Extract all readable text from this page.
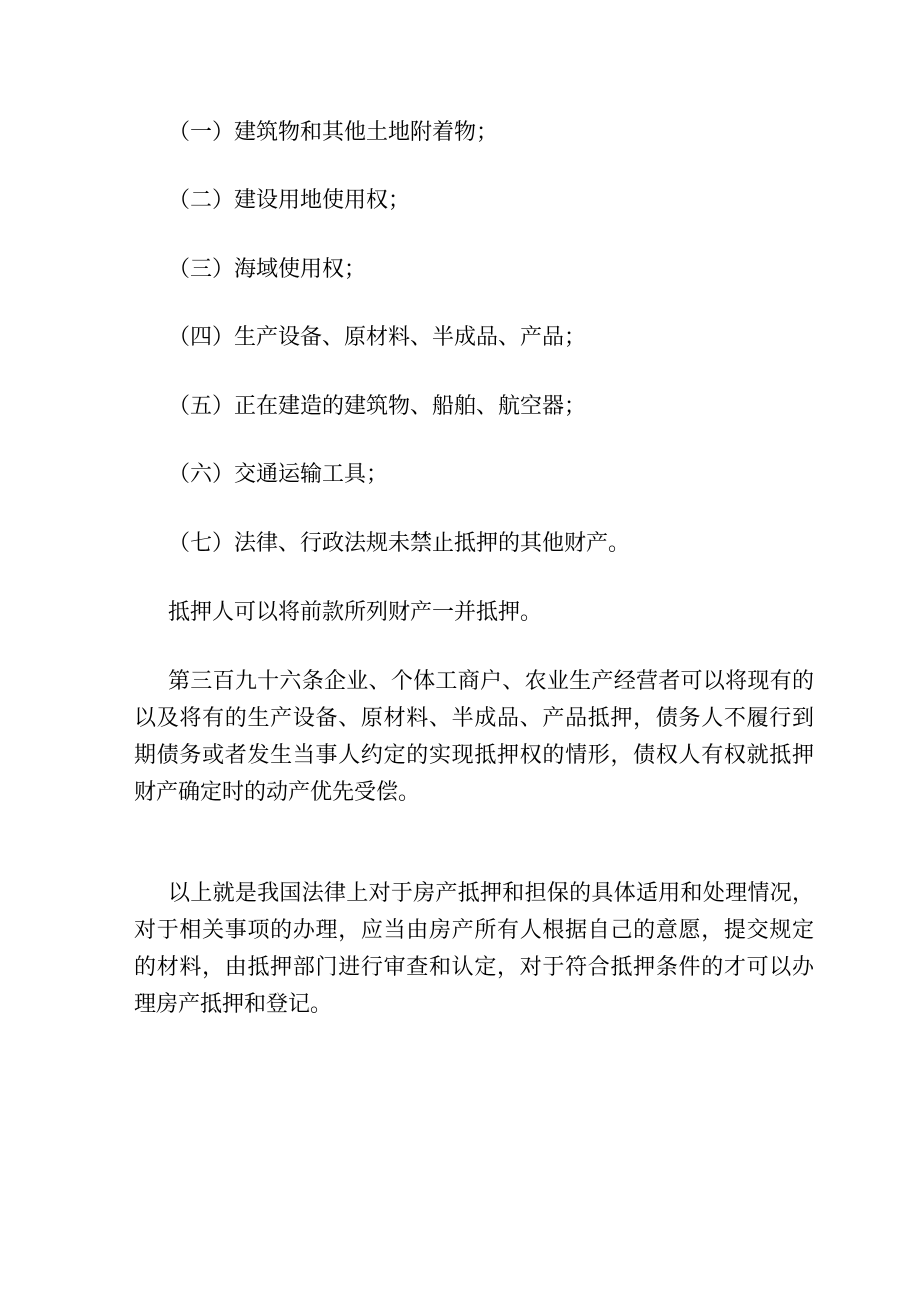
（一）建筑物和其他土地附着物；
（二）建设用地使用权；
（三）海域使用权；
（四）生产设备、原材料、半成品、产品；
（五）正在建造的建筑物、船舶、航空器；
（六）交通运输工具；
（七）法律、行政法规未禁止抵押的其他财产。
抵押人可以将前款所列财产一并抵押。
第三百九十六条企业、个体工商户、农业生产经营者可以将现有的以及将有的生产设备、原材料、半成品、产品抵押，债务人不履行到期债务或者发生当事人约定的实现抵押权的情形，债权人有权就抵押财产确定时的动产优先受偿。
以上就是我国法律上对于房产抵押和担保的具体适用和处理情况，对于相关事项的办理，应当由房产所有人根据自己的意愿，提交规定的材料，由抵押部门进行审查和认定，对于符合抵押条件的才可以办理房产抵押和登记。
